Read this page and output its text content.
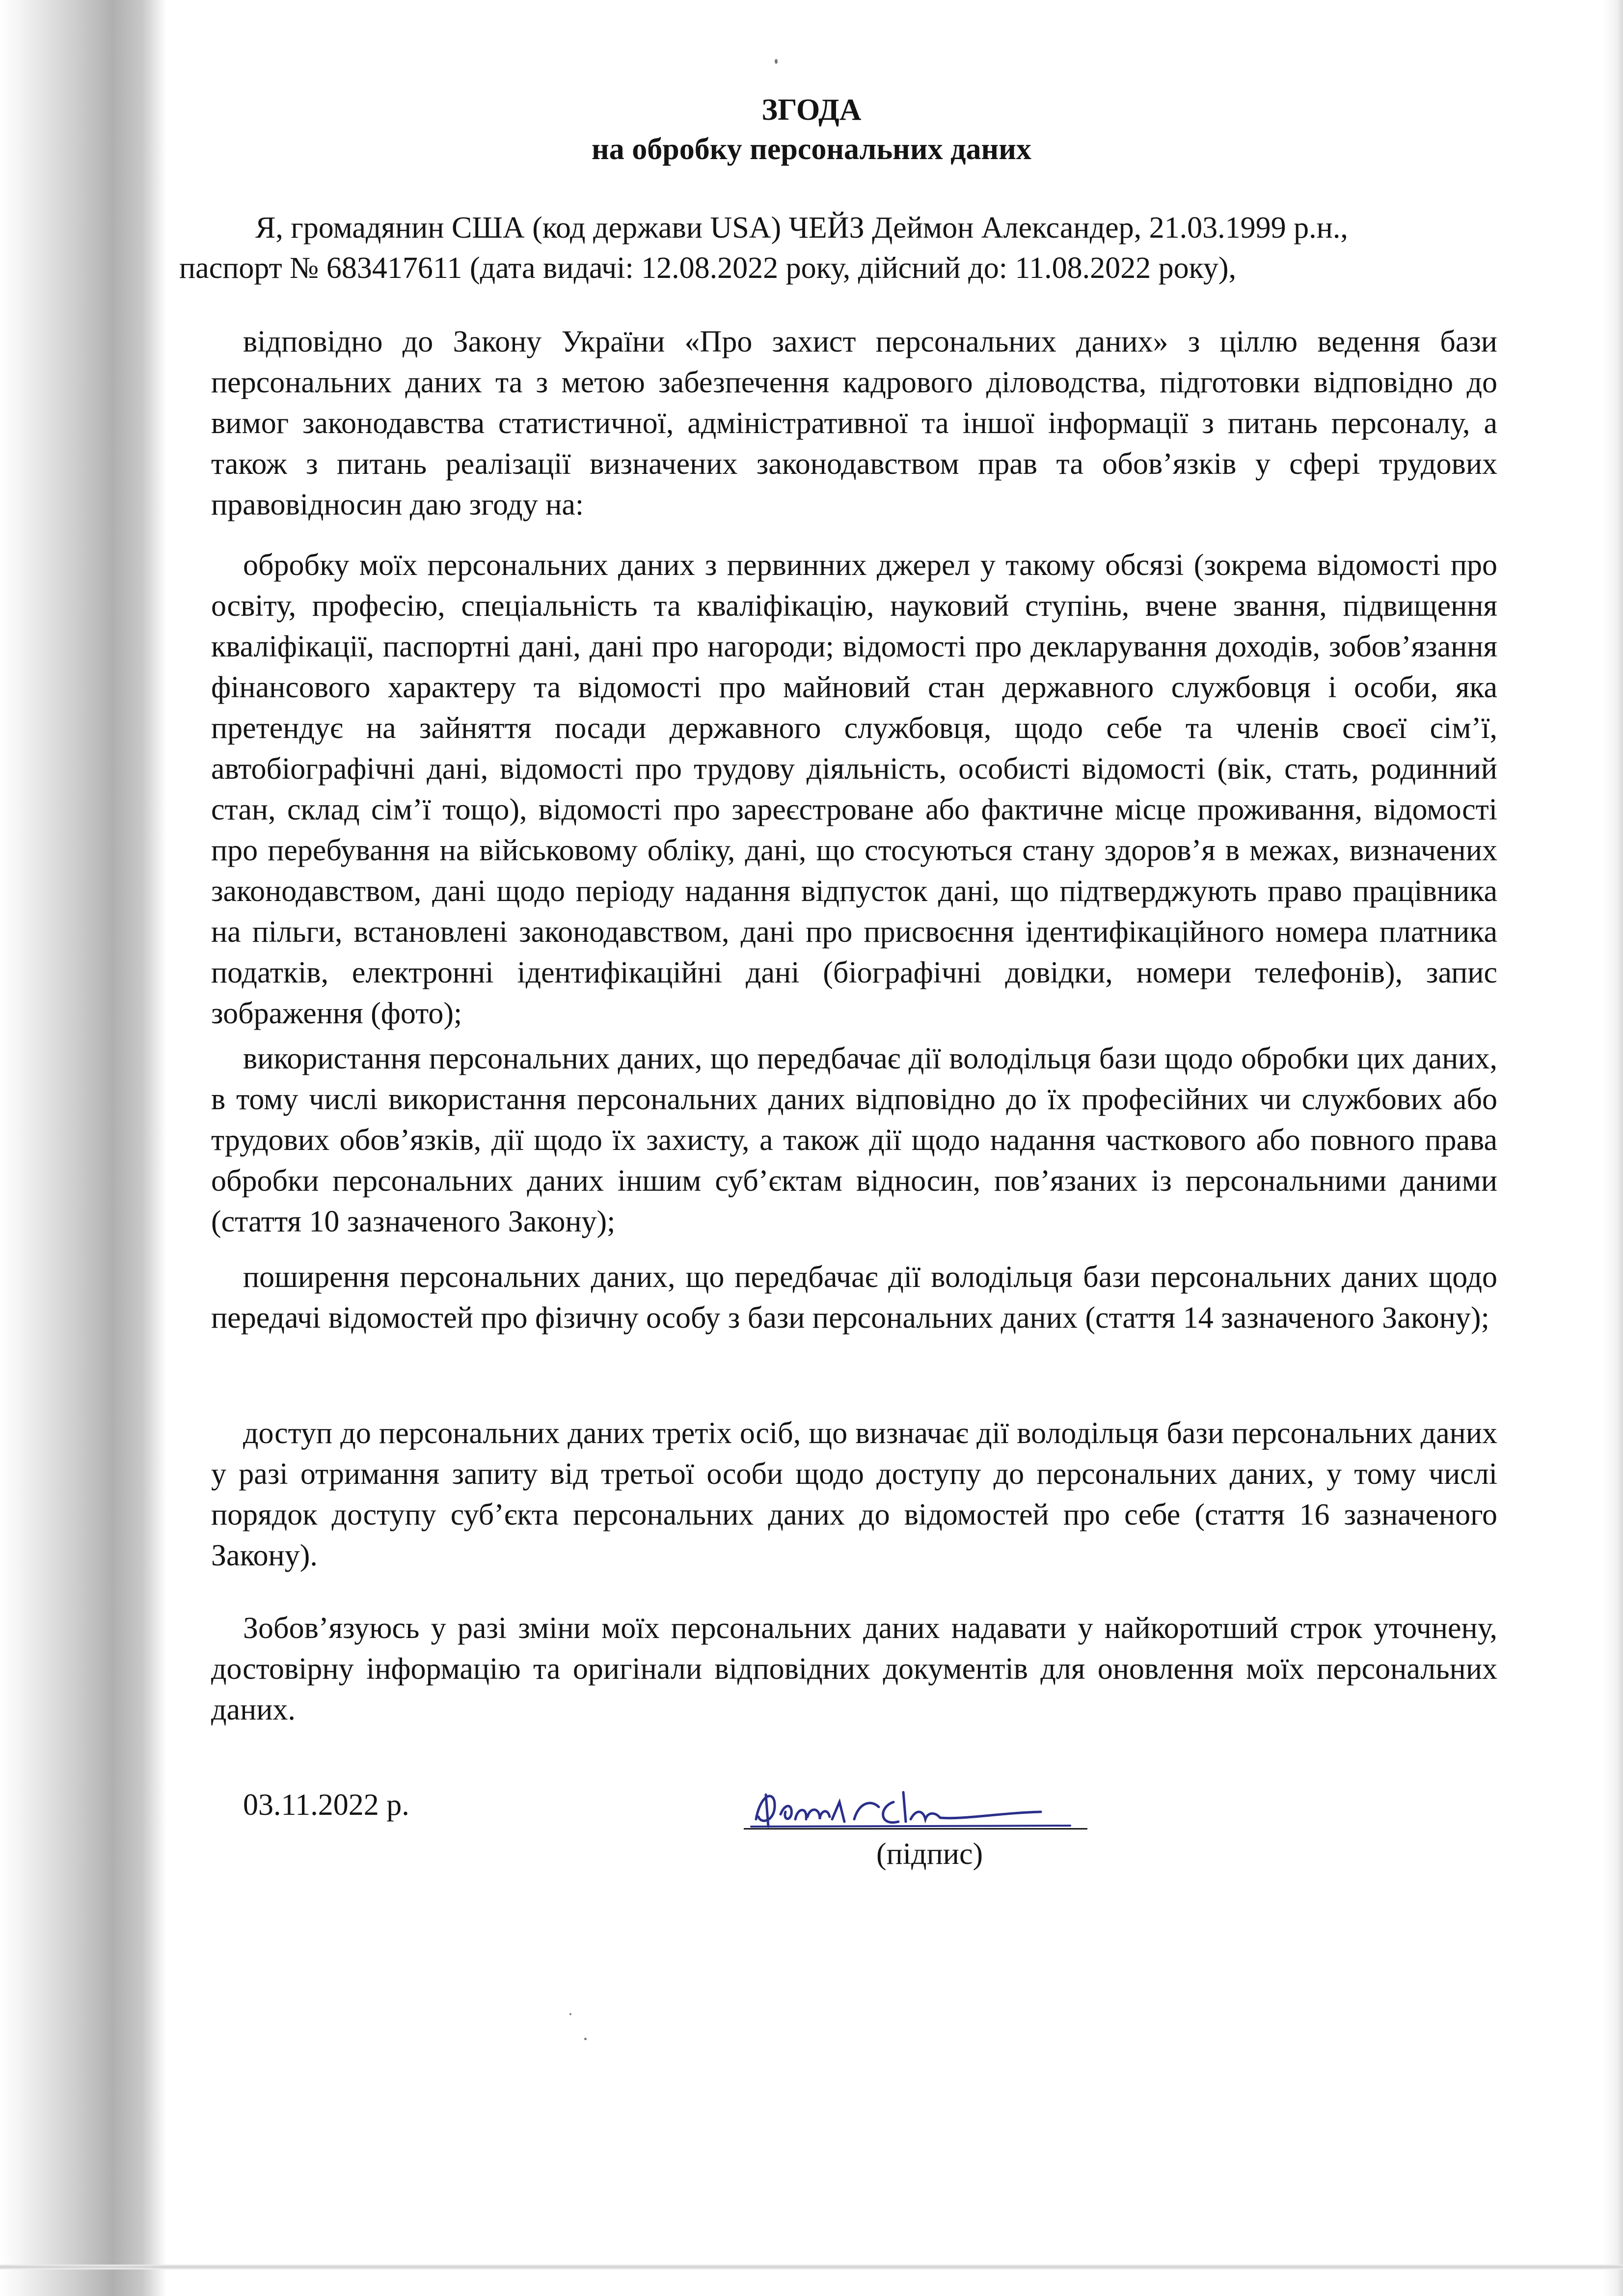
ЗГОДА
на обробку персональних даних
Я, громадянин США (код держави USA) ЧЕЙЗ Деймон Александер, 21.03.1999 р.н.,
паспорт № 683417611 (дата видачі: 12.08.2022 року, дійсний до: 11.08.2022 року),
відповідно до Закону України «Про захист персональних даних» з ціллю ведення бази персональних даних та з метою забезпечення кадрового діловодства, підготовки відповідно до вимог законодавства статистичної, адміністративної та іншої інформації з питань персоналу, а також з питань реалізації визначених законодавством прав та обов’язків у сфері трудових правовідносин даю згоду на:
обробку моїх персональних даних з первинних джерел у такому обсязі (зокрема відомості про освіту, професію, спеціальність та кваліфікацію, науковий ступінь, вчене звання, підвищення кваліфікації, паспортні дані, дані про нагороди; відомості про декларування доходів, зобов’язання фінансового характеру та відомості про майновий стан державного службовця і особи, яка претендує на зайняття посади державного службовця, щодо себе та членів своєї сім’ї, автобіографічні дані, відомості про трудову діяльність, особисті відомості (вік, стать, родинний стан, склад сім’ї тощо), відомості про зареєстроване або фактичне місце проживання, відомості про перебування на військовому обліку, дані, що стосуються стану здоров’я в межах, визначених законодавством, дані щодо періоду надання відпусток дані, що підтверджують право працівника на пільги, встановлені законодавством, дані про присвоєння ідентифікаційного номера платника податків, електронні ідентифікаційні дані (біографічні довідки, номери телефонів), запис зображення (фото);
використання персональних даних, що передбачає дії володільця бази щодо обробки цих даних, в тому числі використання персональних даних відповідно до їх професійних чи службових або трудових обов’язків, дії щодо їх захисту, а також дії щодо надання часткового або повного права обробки персональних даних іншим суб’єктам відносин, пов’язаних із персональними даними (стаття 10 зазначеного Закону);
поширення персональних даних, що передбачає дії володільця бази персональних даних щодо передачі відомостей про фізичну особу з бази персональних даних (стаття 14 зазначеного Закону);
доступ до персональних даних третіх осіб, що визначає дії володільця бази персональних даних у разі отримання запиту від третьої особи щодо доступу до персональних даних, у тому числі порядок доступу суб’єкта персональних даних до відомостей про себе (стаття 16 зазначеного Закону).
Зобов’язуюсь у разі зміни моїх персональних даних надавати у найкоротший строк уточнену, достовірну інформацію та оригінали відповідних документів для оновлення моїх персональних даних.
03.11.2022 р.
(підпис)
